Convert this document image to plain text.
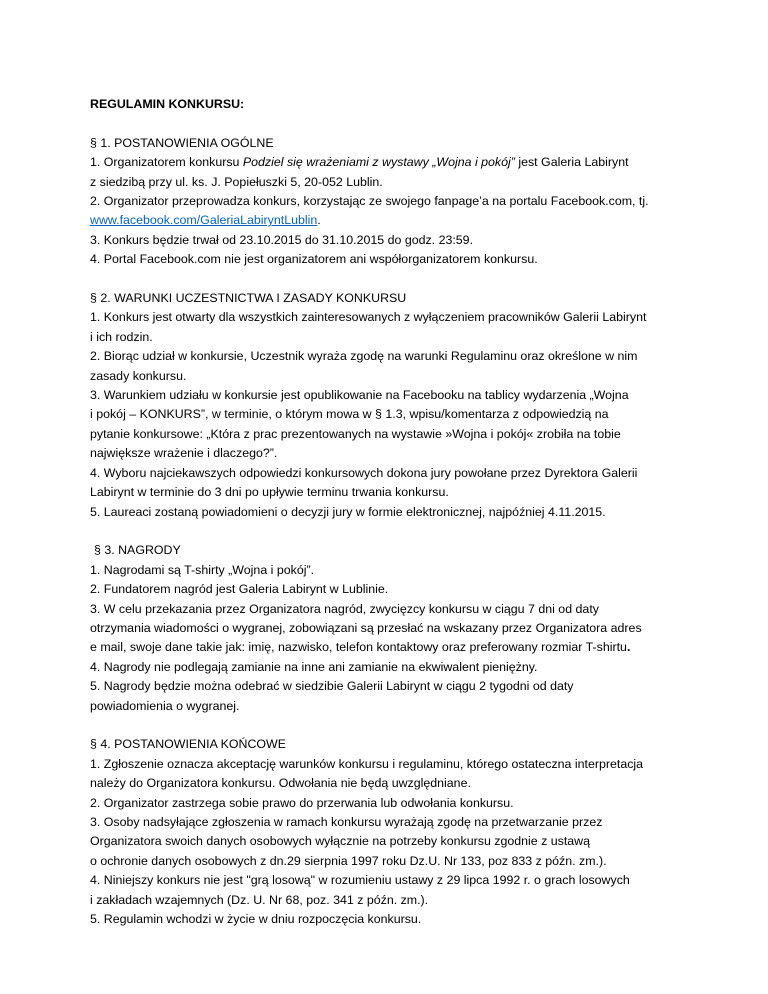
REGULAMIN KONKURSU:

§ 1. POSTANOWIENIA OGÓLNE

1. Organizatorem konkursu Podziel się wrażeniami z wystawy „Wojna i pokój” jest Galeria Labirynt

z siedzibą przy ul. ks. J. Popiełuszki 5, 20-052 Lublin.

2. Organizator przeprowadza konkurs, korzystając ze swojego fanpage’a na portalu Facebook.com, tj.

www.facebook.com/GaleriaLabiryntLublin.

3. Konkurs będzie trwał od 23.10.2015 do 31.10.2015 do godz. 23:59.

4. Portal Facebook.com nie jest organizatorem ani współorganizatorem konkursu.

§ 2. WARUNKI UCZESTNICTWA I ZASADY KONKURSU

1. Konkurs jest otwarty dla wszystkich zainteresowanych z wyłączeniem pracowników Galerii Labirynt

i ich rodzin.

2. Biorąc udział w konkursie, Uczestnik wyraża zgodę na warunki Regulaminu oraz określone w nim

zasady konkursu.

3. Warunkiem udziału w konkursie jest opublikowanie na Facebooku na tablicy wydarzenia „Wojna

i pokój – KONKURS”, w terminie, o którym mowa w § 1.3, wpisu/komentarza z odpowiedzią na

pytanie konkursowe: „Która z prac prezentowanych na wystawie »Wojna i pokój« zrobiła na tobie

największe wrażenie i dlaczego?”.

4. Wyboru najciekawszych odpowiedzi konkursowych dokona jury powołane przez Dyrektora Galerii

Labirynt w terminie do 3 dni po upływie terminu trwania konkursu.

5. Laureaci zostaną powiadomieni o decyzji jury w formie elektronicznej, najpóźniej 4.11.2015.

§ 3. NAGRODY

1. Nagrodami są T-shirty „Wojna i pokój”.

2. Fundatorem nagród jest Galeria Labirynt w Lublinie.

3. W celu przekazania przez Organizatora nagród, zwycięzcy konkursu w ciągu 7 dni od daty

otrzymania wiadomości o wygranej, zobowiązani są przesłać na wskazany przez Organizatora adres

e mail, swoje dane takie jak: imię, nazwisko, telefon kontaktowy oraz preferowany rozmiar T-shirtu.

4. Nagrody nie podlegają zamianie na inne ani zamianie na ekwiwalent pieniężny.

5. Nagrody będzie można odebrać w siedzibie Galerii Labirynt w ciągu 2 tygodni od daty

powiadomienia o wygranej.

§ 4. POSTANOWIENIA KOŃCOWE

1. Zgłoszenie oznacza akceptację warunków konkursu i regulaminu, którego ostateczna interpretacja

należy do Organizatora konkursu. Odwołania nie będą uwzględniane.

2. Organizator zastrzega sobie prawo do przerwania lub odwołania konkursu.

3. Osoby nadsyłające zgłoszenia w ramach konkursu wyrażają zgodę na przetwarzanie przez

Organizatora swoich danych osobowych wyłącznie na potrzeby konkursu zgodnie z ustawą

o ochronie danych osobowych z dn.29 sierpnia 1997 roku Dz.U. Nr 133, poz 833 z późn. zm.).

4. Niniejszy konkurs nie jest "grą losową" w rozumieniu ustawy z 29 lipca 1992 r. o grach losowych

i zakładach wzajemnych (Dz. U. Nr 68, poz. 341 z późn. zm.).

5. Regulamin wchodzi w życie w dniu rozpoczęcia konkursu.
